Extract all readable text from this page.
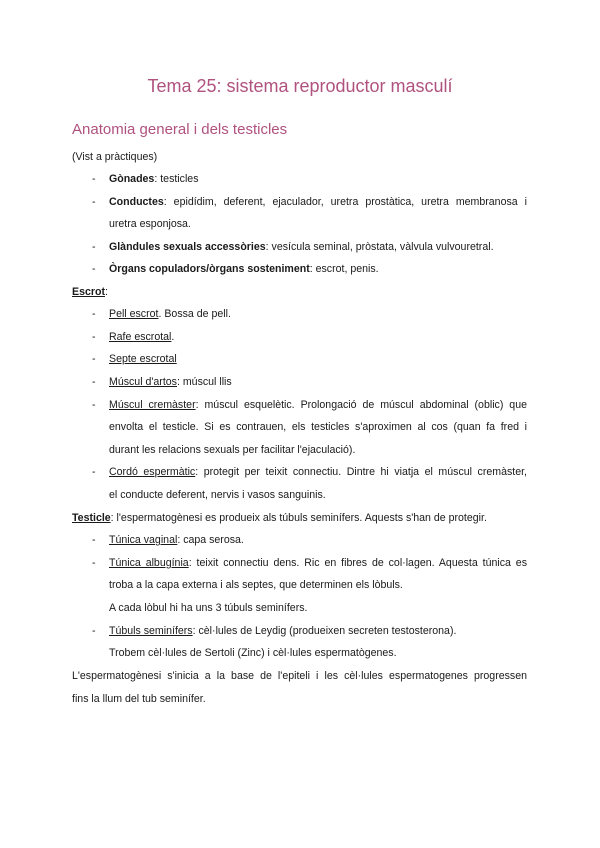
Tema 25: sistema reproductor masculí
Anatomia general i dels testicles
(Vist a pràctiques)
- Gònades: testicles
- Conductes: epidídim, deferent, ejaculador, uretra prostàtica, uretra membranosa i
uretra esponjosa.
- Glàndules sexuals accessòries: vesícula seminal, pròstata, vàlvula vulvouretral.
- Òrgans copuladors/òrgans sosteniment: escrot, penis.
Escrot:
- Pell escrot. Bossa de pell.
- Rafe escrotal.
- Septe escrotal
- Múscul d'artos: múscul llis
- Múscul cremàster: múscul esquelètic. Prolongació de múscul abdominal (oblic) que
envolta el testicle. Si es contrauen, els testicles s'aproximen al cos (quan fa fred i
durant les relacions sexuals per facilitar l'ejaculació).
- Cordó espermàtic: protegit per teixit connectiu. Dintre hi viatja el múscul cremàster,
el conducte deferent, nervis i vasos sanguinis.
Testicle: l'espermatogènesi es produeix als túbuls seminífers. Aquests s'han de protegir.
- Túnica vaginal: capa serosa.
- Túnica albugínia: teixit connectiu dens. Ric en fibres de col·lagen. Aquesta túnica es
troba a la capa externa i als septes, que determinen els lòbuls.
A cada lòbul hi ha uns 3 túbuls seminífers.
- Túbuls seminífers: cèl·lules de Leydig (produeixen secreten testosterona).
Trobem cèl·lules de Sertoli (Zinc) i cèl·lules espermatògenes.
L'espermatogènesi s'inicia a la base de l'epiteli i les cèl·lules espermatogenes progressen
fins la llum del tub seminífer.
